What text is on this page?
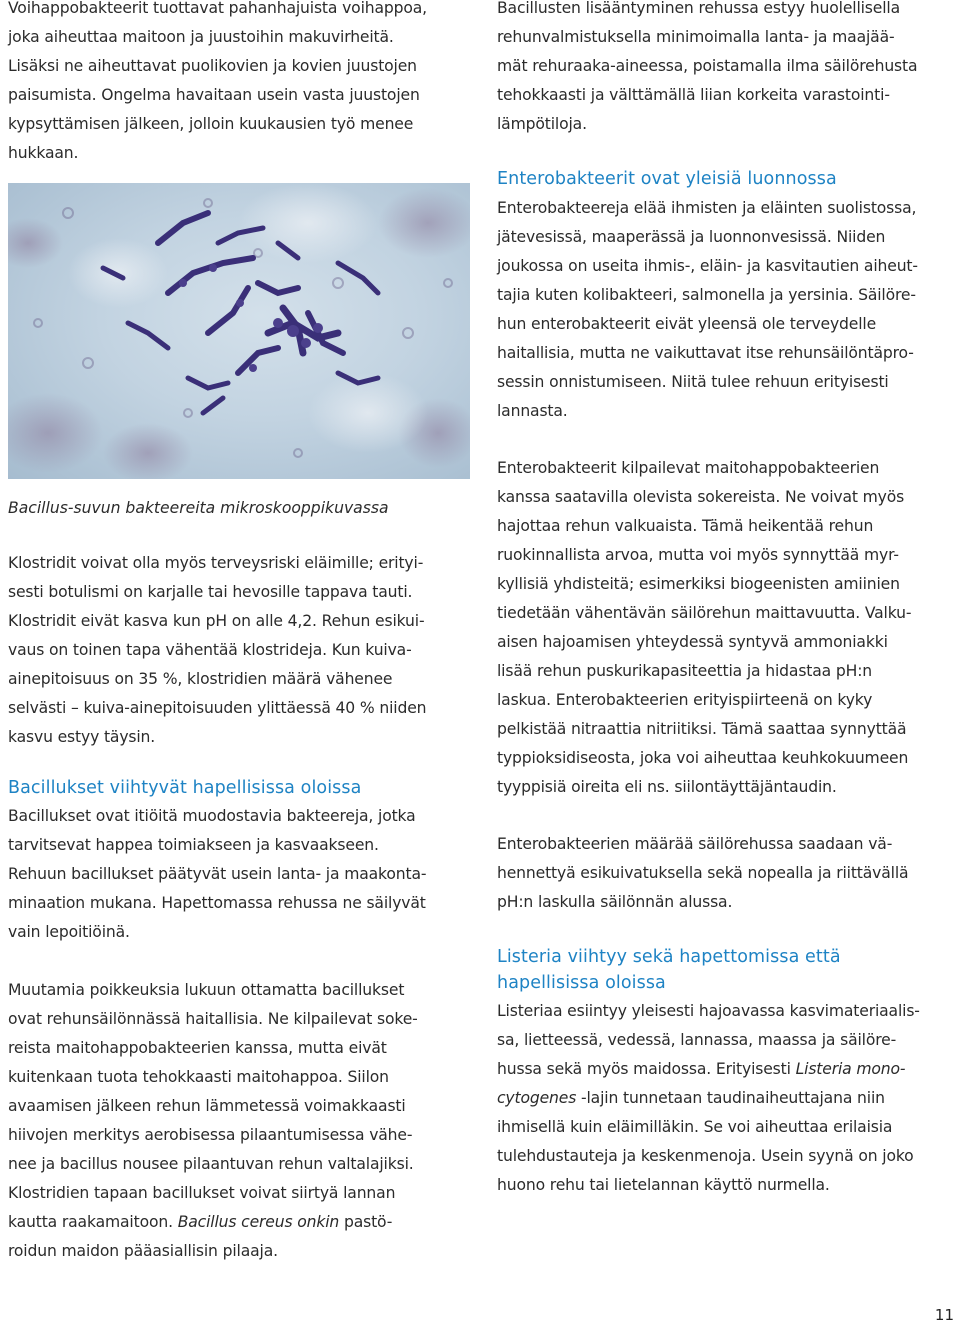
Voihappobakteerit tuottavat pahanhajuista voihappoa,
joka aiheuttaa maitoon ja juustoihin makuvirheitä.
Lisäksi ne aiheuttavat puolikovien ja kovien juustojen
paisumista. Ongelma havaitaan usein vasta juustojen
kypsyttämisen jälkeen, jolloin kuukausien työ menee
hukkaan.

Bacillus-suvun bakteereita mikroskooppikuvassa

Klostridit voivat olla myös terveysriski eläimille; erityi-
sesti botulismi on karjalle tai hevosille tappava tauti.
Klostridit eivät kasva kun pH on alle 4,2. Rehun esikui-
vaus on toinen tapa vähentää klostrideja. Kun kuiva-
ainepitoisuus on 35 %, klostridien määrä vähenee
selvästi – kuiva-ainepitoisuuden ylittäessä 40 % niiden
kasvu estyy täysin.

Bacillukset viihtyvät hapellisissa oloissa

Bacillukset ovat itiöitä muodostavia bakteereja, jotka
tarvitsevat happea toimiakseen ja kasvaakseen.
Rehuun bacillukset päätyvät usein lanta- ja maakonta-
minaation mukana. Hapettomassa rehussa ne säilyvät
vain lepoitiöinä.

Muutamia poikkeuksia lukuun ottamatta bacillukset
ovat rehunsäilönnässä haitallisia. Ne kilpailevat soke-
reista maitohappobakteerien kanssa, mutta eivät
kuitenkaan tuota tehokkaasti maitohappoa. Siilon
avaamisen jälkeen rehun lämmetessä voimakkaasti
hiivojen merkitys aerobisessa pilaantumisessa vähe-
nee ja bacillus nousee pilaantuvan rehun valtalajiksi.
Klostridien tapaan bacillukset voivat siirtyä lannan
kautta raakamaitoon. Bacillus cereus onkin pastö-
roidun maidon pääasiallisin pilaaja.

Bacillusten lisääntyminen rehussa estyy huolellisella
rehunvalmistuksella minimoimalla lanta- ja maajää-
mät rehuraaka-aineessa, poistamalla ilma säilörehusta
tehokkaasti ja välttämällä liian korkeita varastointi-
lämpötiloja.

Enterobakteerit ovat yleisiä luonnossa

Enterobakteereja elää ihmisten ja eläinten suolistossa,
jätevesissä, maaperässä ja luonnonvesissä. Niiden
joukossa on useita ihmis-, eläin- ja kasvitautien aiheut-
tajia kuten kolibakteeri, salmonella ja yersinia. Säilöre-
hun enterobakteerit eivät yleensä ole terveydelle
haitallisia, mutta ne vaikuttavat itse rehunsäilöntäpro-
sessin onnistumiseen. Niitä tulee rehuun erityisesti
lannasta.

Enterobakteerit kilpailevat maitohappobakteerien
kanssa saatavilla olevista sokereista. Ne voivat myös
hajottaa rehun valkuaista. Tämä heikentää rehun
ruokinnallista arvoa, mutta voi myös synnyttää myr-
kyllisiä yhdisteitä; esimerkiksi biogeenisten amiinien
tiedetään vähentävän säilörehun maittavuutta. Valku-
aisen hajoamisen yhteydessä syntyvä ammoniakki
lisää rehun puskurikapasiteettia ja hidastaa pH:n
laskua. Enterobakteerien erityispiirteenä on kyky
pelkistää nitraattia nitriitiksi. Tämä saattaa synnyttää
typpioksidiseosta, joka voi aiheuttaa keuhkokuumeen
tyyppisiä oireita eli ns. siilontäyttäjäntaudin.

Enterobakteerien määrää säilörehussa saadaan vä-
hennettyä esikuivatuksella sekä nopealla ja riittävällä
pH:n laskulla säilönnän alussa.

Listeria viihtyy sekä hapettomissa että
hapellisissa oloissa

Listeriaa esiintyy yleisesti hajoavassa kasvimateriaalis-
sa, lietteessä, vedessä, lannassa, maassa ja säilöre-
hussa sekä myös maidossa. Erityisesti Listeria mono-
cytogenes -lajin tunnetaan taudinaiheuttajana niin
ihmisellä kuin eläimilläkin. Se voi aiheuttaa erilaisia
tulehdustauteja ja keskenmenoja. Usein syynä on joko
huono rehu tai lietelannan käyttö nurmella.

11
